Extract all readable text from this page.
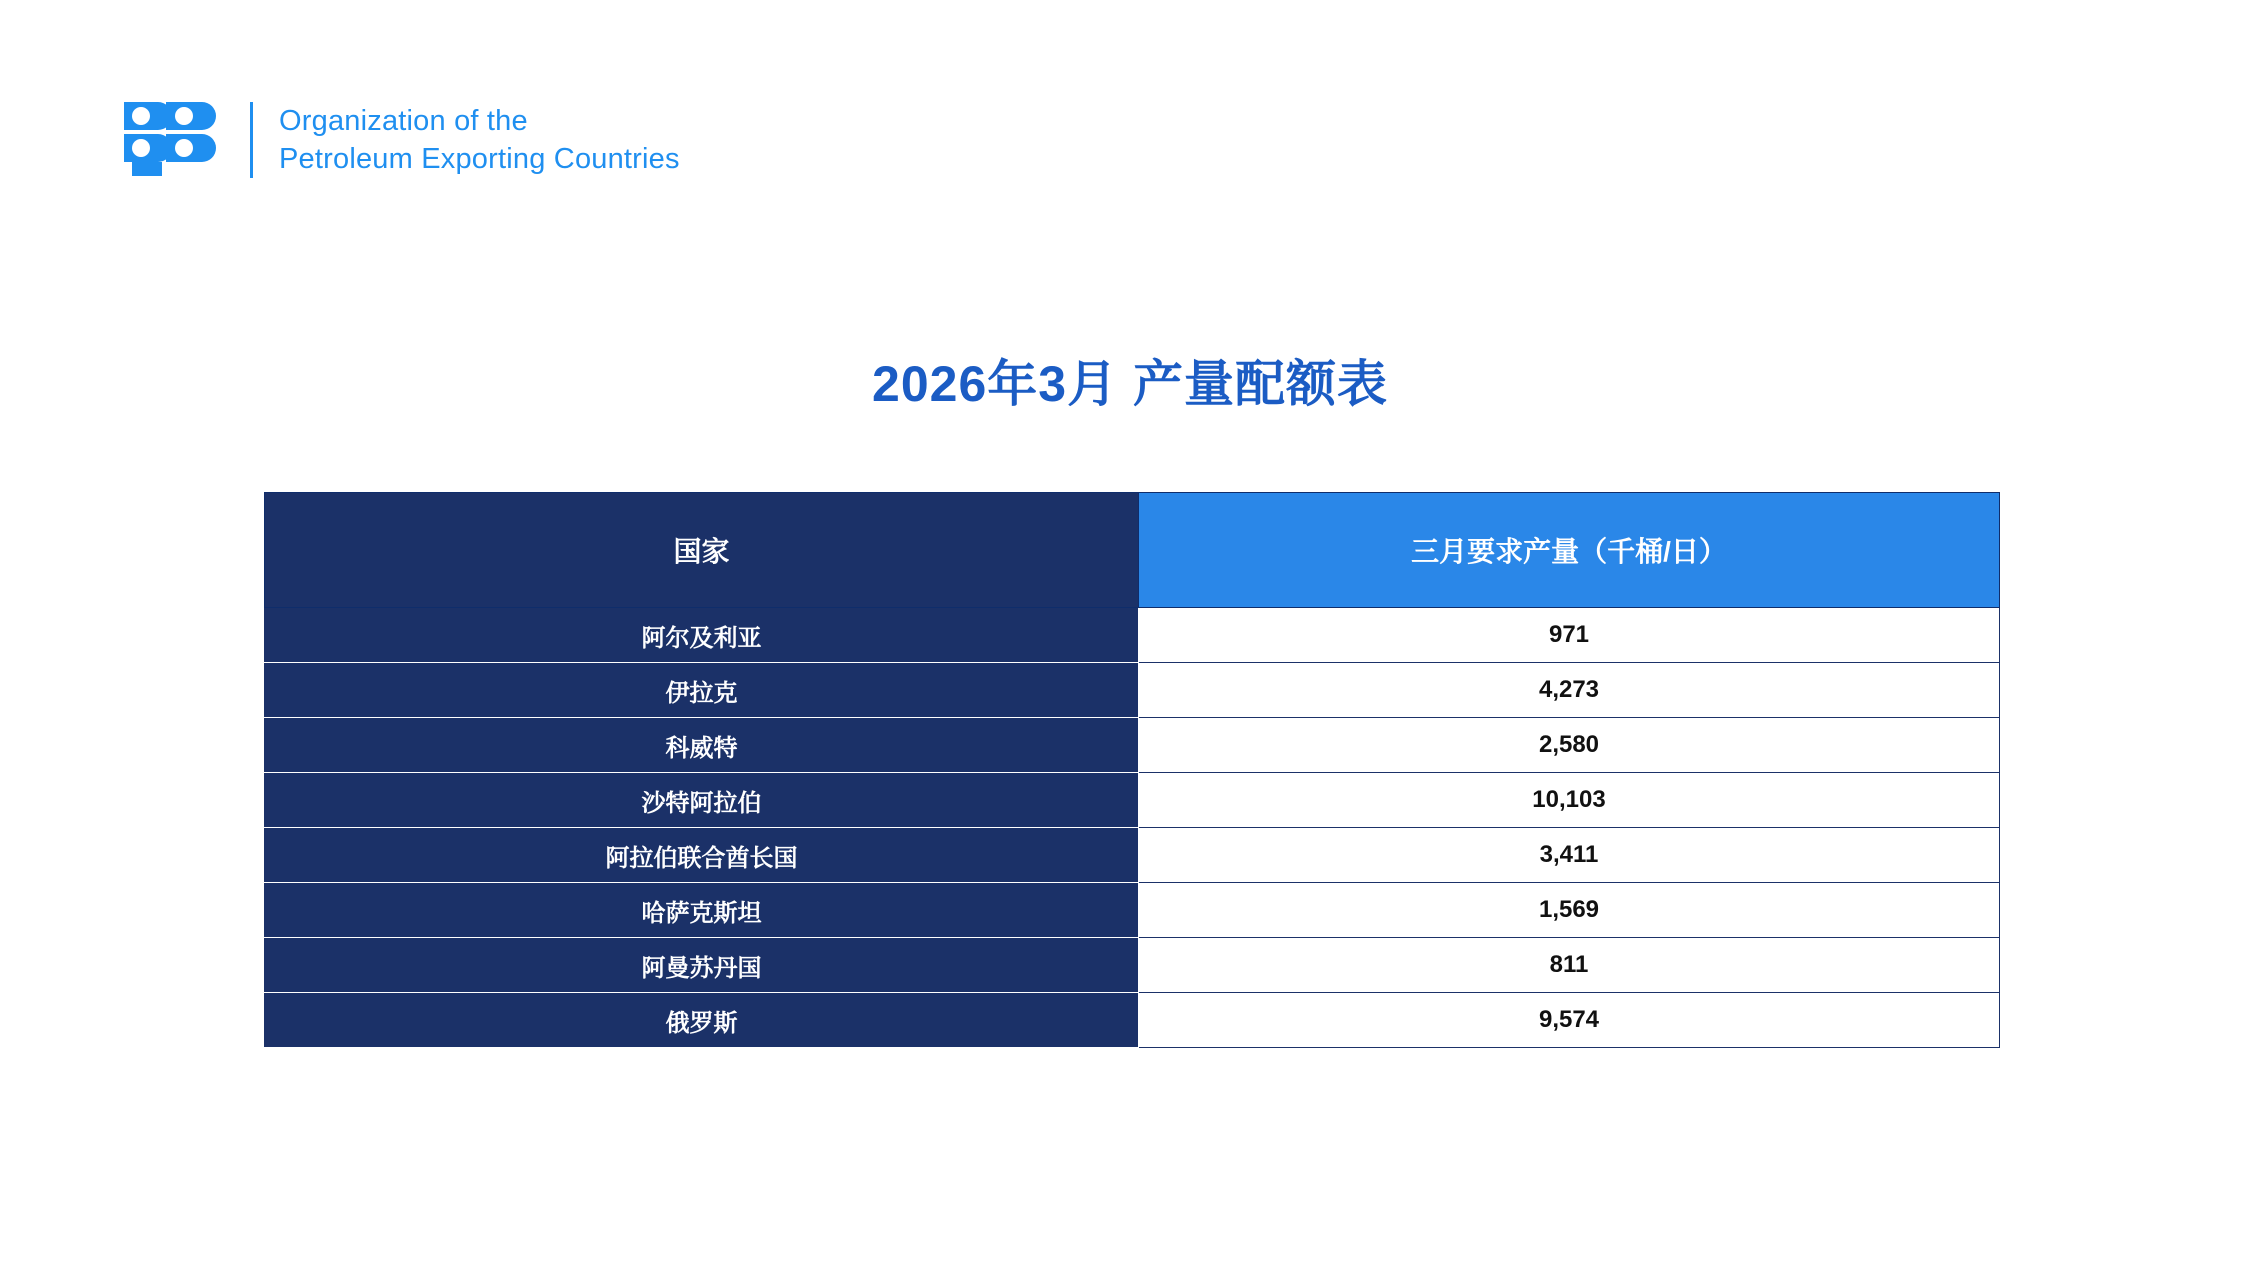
Organization of the
Petroleum Exporting Countries
2026年3月 产量配额表
国家	三月要求产量（千桶/日）
阿尔及利亚	971
伊拉克	4,273
科威特	2,580
沙特阿拉伯	10,103
阿拉伯联合酋长国	3,411
哈萨克斯坦	1,569
阿曼苏丹国	811
俄罗斯	9,574
